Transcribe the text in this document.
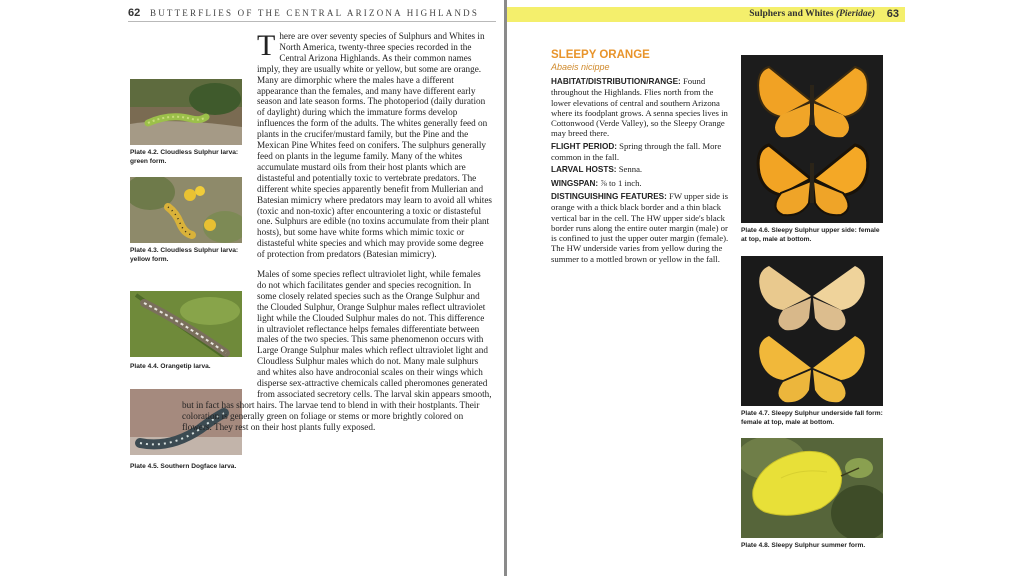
62 BUTTERFLIES OF THE CENTRAL ARIZONA HIGHLANDS
Plate 4.2. Cloudless Sulphur larva: green form.
Plate 4.3. Cloudless Sulphur larva: yellow form.
Plate 4.4. Orangetip larva.
Plate 4.5. Southern Dogface larva.

There are over seventy species of Sulphurs and Whites in North America, twenty-three species recorded in the Central Arizona Highlands. As their common names imply, they are usually white or yellow, but some are orange. Many are dimorphic where the males have a different appearance than the females, and many have different early season and late season forms. The photoperiod (daily duration of daylight) during which the immature forms develop influences the form of the adults. The whites generally feed on plants in the crucifer/mustard family, but the Pine and the Mexican Pine Whites feed on conifers. The sulphurs generally feed on plants in the legume family. Many of the whites accumulate mustard oils from their host plants which are distasteful and potentially toxic to vertebrate predators. The different white species apparently benefit from Mullerian and Batesian mimicry where predators may learn to avoid all whites (toxic and non-toxic) after encountering a toxic or distasteful one. Sulphurs are edible (no toxins accumulate from their plant hosts), but some have white forms which mimic toxic or distasteful white species and which may provide some degree of protection from predators (Batesian mimicry).

Males of some species reflect ultraviolet light, while females do not which facilitates gender and species recognition. In some closely related species such as the Orange Sulphur and the Clouded Sulphur, Orange Sulphur males reflect ultraviolet light while the Clouded Sulphur males do not. This difference in ultraviolet reflectance helps females differentiate between males of the two species. This same phenomenon occurs with Large Orange Sulphur males which reflect ultraviolet light and Cloudless Sulphur males which do not. Many male sulphurs and whites also have androconial scales on their wings which disperse sex-attractive chemicals called pheromones generated from associated secretory cells. The larval skin appears smooth, but in fact has short hairs. The larvae tend to blend in with their hostplants. Their coloration is generally green on foliage or stems or more brightly colored on flowers. They rest on their host plants fully exposed.

Sulphers and Whites (Pieridae) 63
SLEEPY ORANGE
Abaeis nicippe

HABITAT/DISTRIBUTION/RANGE: Found throughout the Highlands. Flies north from the lower elevations of central and southern Arizona where its foodplant grows. A senna species lives in Cottonwood (Verde Valley), so the Sleepy Orange may breed there.

FLIGHT PERIOD: Spring through the fall. More common in the fall.

LARVAL HOSTS: Senna.

WINGSPAN: ⅞ to 1 inch.

DISTINGUISHING FEATURES: FW upper side is orange with a thick black border and a thin black vertical bar in the cell. The HW upper side's black border runs along the entire outer margin (male) or is confined to just the upper outer margin (female). The HW underside varies from yellow during the summer to a mottled brown or yellow in the fall.

Plate 4.6. Sleepy Sulphur upper side: female at top, male at bottom.
Plate 4.7. Sleepy Sulphur underside fall form: female at top, male at bottom.
Plate 4.8. Sleepy Sulphur summer form.
